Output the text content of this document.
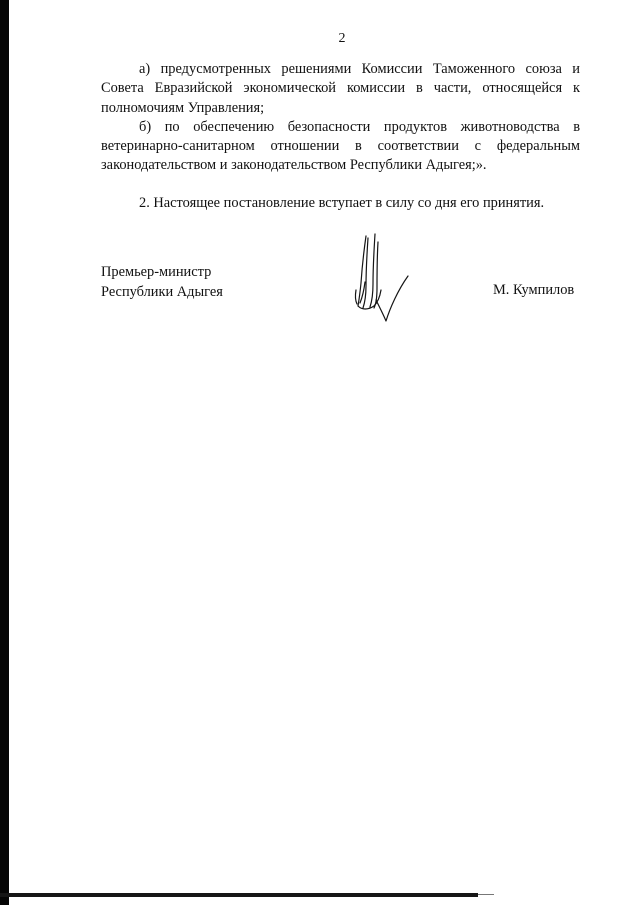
2

а) предусмотренных решениями Комиссии Таможенного союза и Совета Евразийской экономической комиссии в части, относящейся к полномочиям Управления;

б) по обеспечению безопасности продуктов животноводства в ветеринарно-санитарном отношении в соответствии с федеральным законодательством и законодательством Республики Адыгея;».

2. Настоящее постановление вступает в силу со дня его принятия.

Премьер-министр
Республики Адыгея	М. Кумпилов
